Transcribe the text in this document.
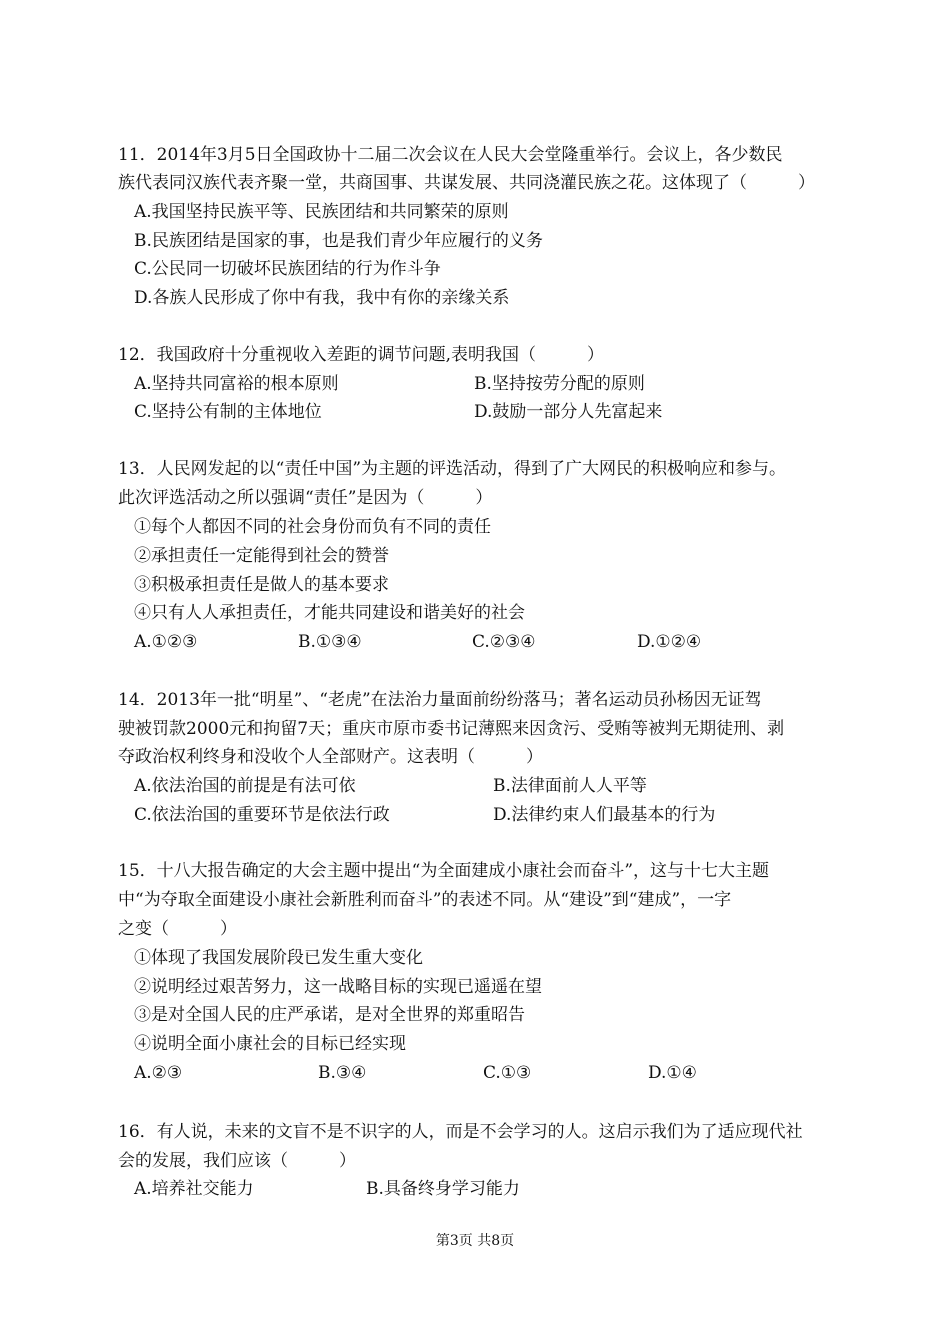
11．2014年3月5日全国政协十二届二次会议在人民大会堂隆重举行。会议上，各少数民
族代表同汉族代表齐聚一堂，共商国事、共谋发展、共同浇灌民族之花。这体现了（　　　）
A.我国坚持民族平等、民族团结和共同繁荣的原则
B.民族团结是国家的事，也是我们青少年应履行的义务
C.公民同一切破坏民族团结的行为作斗争
D.各族人民形成了你中有我，我中有你的亲缘关系
12．我国政府十分重视收入差距的调节问题,表明我国（　　　）
A.坚持共同富裕的根本原则	B.坚持按劳分配的原则
C.坚持公有制的主体地位	D.鼓励一部分人先富起来
13．人民网发起的以“责任中国”为主题的评选活动，得到了广大网民的积极响应和参与。
此次评选活动之所以强调“责任”是因为（　　　）
①每个人都因不同的社会身份而负有不同的责任
②承担责任一定能得到社会的赞誉
③积极承担责任是做人的基本要求
④只有人人承担责任，才能共同建设和谐美好的社会
A.①②③	B.①③④	C.②③④	D.①②④
14．2013年一批“明星”、“老虎”在法治力量面前纷纷落马；著名运动员孙杨因无证驾
驶被罚款2000元和拘留7天；重庆市原市委书记薄熙来因贪污、受贿等被判无期徒刑、剥
夺政治权利终身和没收个人全部财产。这表明（　　　）
A.依法治国的前提是有法可依	B.法律面前人人平等
C.依法治国的重要环节是依法行政	D.法律约束人们最基本的行为
15．十八大报告确定的大会主题中提出“为全面建成小康社会而奋斗”，这与十七大主题
中“为夺取全面建设小康社会新胜利而奋斗”的表述不同。从“建设”到“建成”，一字
之变（　　　）
①体现了我国发展阶段已发生重大变化
②说明经过艰苦努力，这一战略目标的实现已遥遥在望
③是对全国人民的庄严承诺，是对全世界的郑重昭告
④说明全面小康社会的目标已经实现
A.②③	B.③④	C.①③	D.①④
16．有人说，未来的文盲不是不识字的人，而是不会学习的人。这启示我们为了适应现代社
会的发展，我们应该（　　　）
A.培养社交能力	B.具备终身学习能力
第3页 共8页
